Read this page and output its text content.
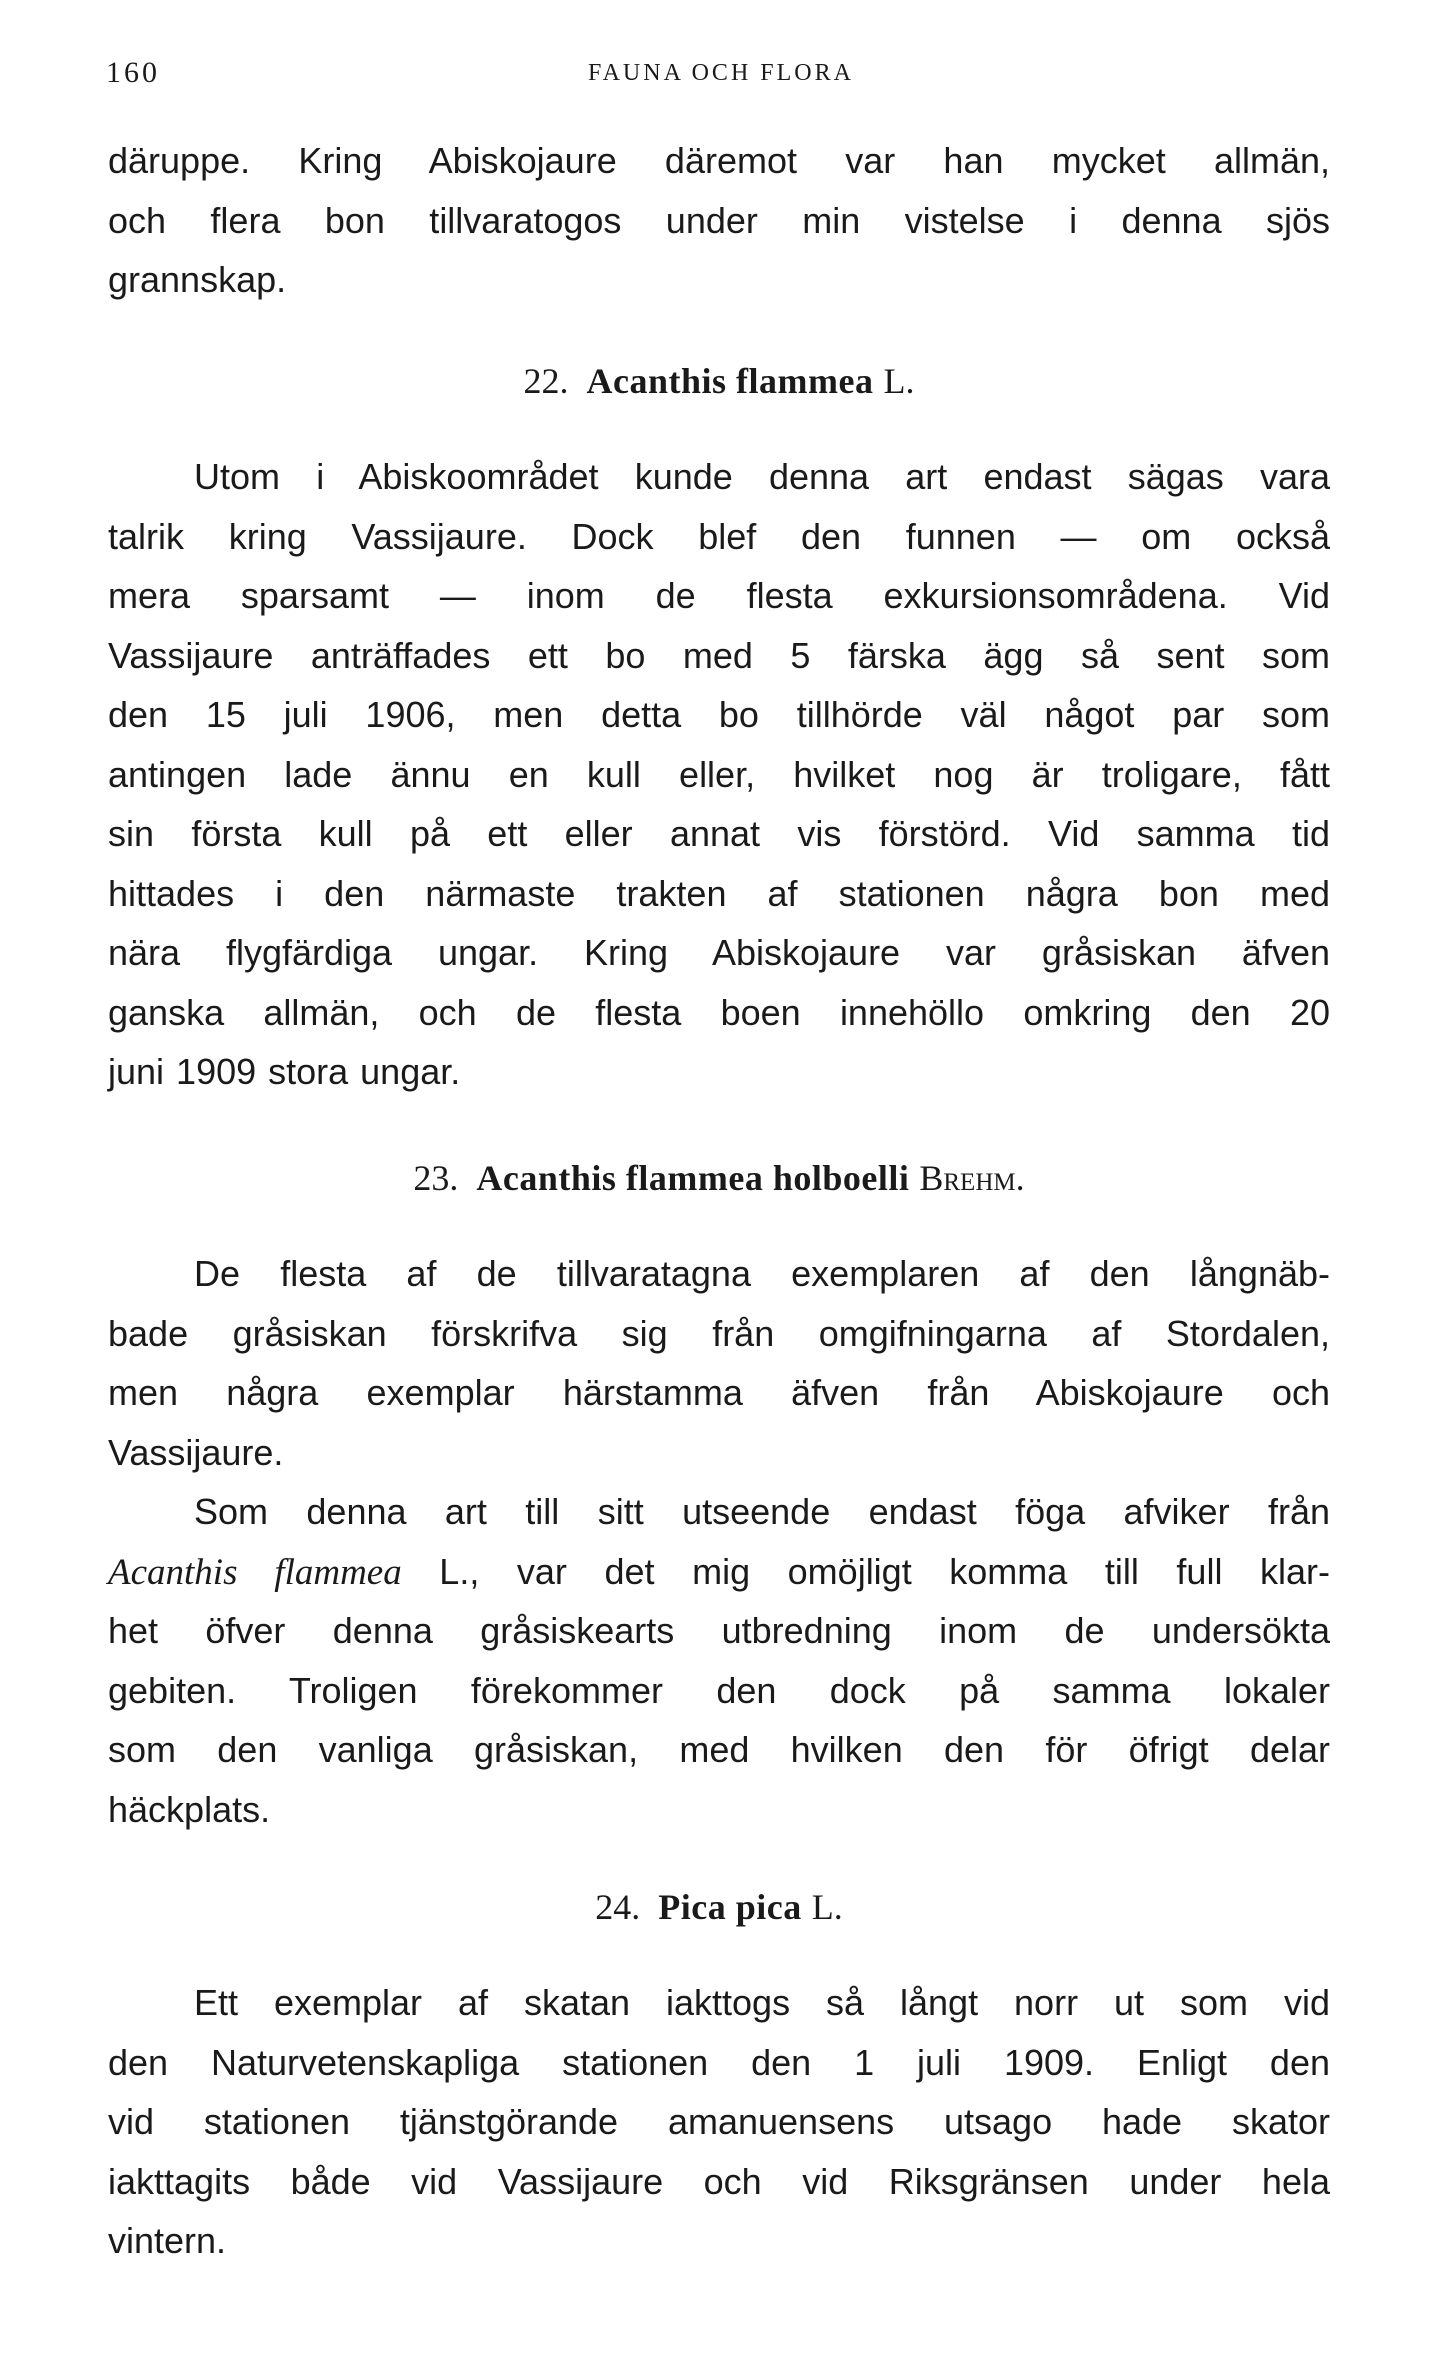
160	FAUNA OCH FLORA
däruppe. Kring Abiskojaure däremot var han mycket allmän,
och flera bon tillvaratogos under min vistelse i denna sjös
grannskap.
22. Acanthis flammea L.
Utom i Abiskoområdet kunde denna art endast sägas vara
talrik kring Vassijaure. Dock blef den funnen — om också
mera sparsamt — inom de flesta exkursionsområdena. Vid
Vassijaure anträffades ett bo med 5 färska ägg så sent som
den 15 juli 1906, men detta bo tillhörde väl något par som
antingen lade ännu en kull eller, hvilket nog är troligare, fått
sin första kull på ett eller annat vis förstörd. Vid samma tid
hittades i den närmaste trakten af stationen några bon med
nära flygfärdiga ungar. Kring Abiskojaure var gråsiskan äfven
ganska allmän, och de flesta boen innehöllo omkring den 20
juni 1909 stora ungar.
23. Acanthis flammea holboelli Brehm.
De flesta af de tillvaratagna exemplaren af den långnäb-
bade gråsiskan förskrifva sig från omgifningarna af Stordalen,
men några exemplar härstamma äfven från Abiskojaure och
Vassijaure.
Som denna art till sitt utseende endast föga afviker från
Acanthis flammea L., var det mig omöjligt komma till full klar-
het öfver denna gråsiskearts utbredning inom de undersökta
gebiten. Troligen förekommer den dock på samma lokaler
som den vanliga gråsiskan, med hvilken den för öfrigt delar
häckplats.
24. Pica pica L.
Ett exemplar af skatan iakttogs så långt norr ut som vid
den Naturvetenskapliga stationen den 1 juli 1909. Enligt den
vid stationen tjänstgörande amanuensens utsago hade skator
iakttagits både vid Vassijaure och vid Riksgränsen under hela
vintern.
